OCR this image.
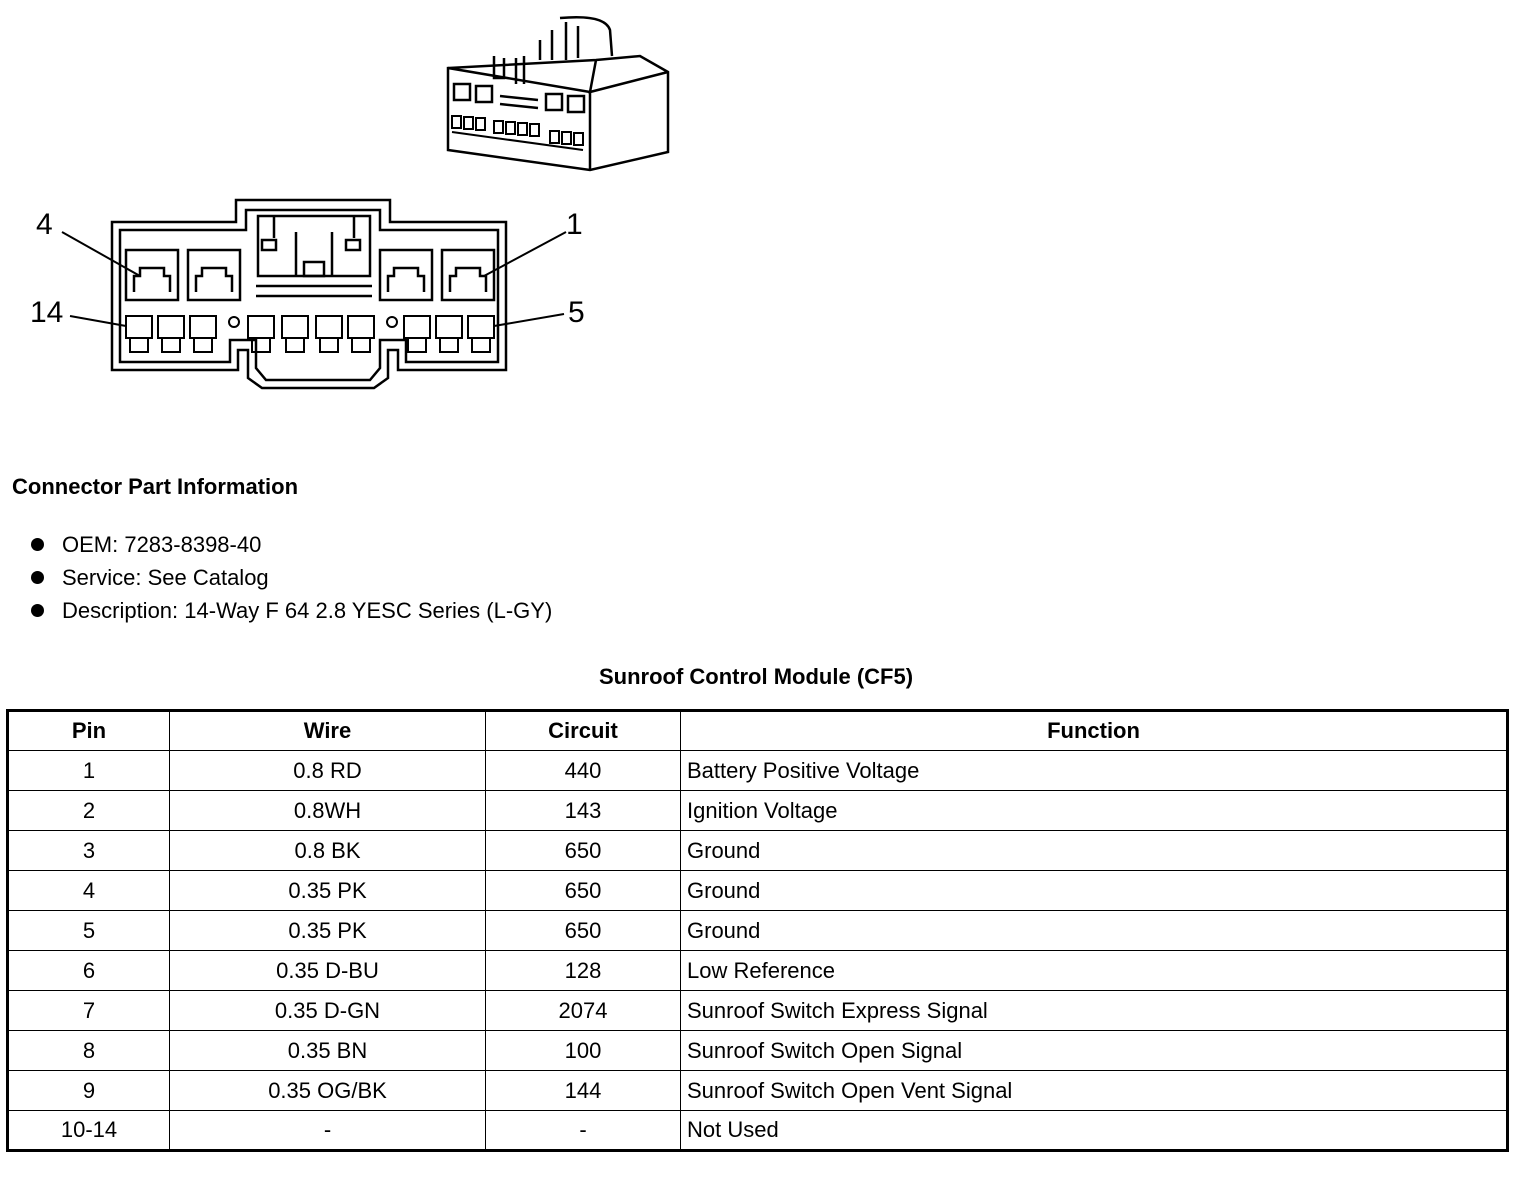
4	1
14	5
Connector Part Information
OEM: 7283-8398-40
Service: See Catalog
Description: 14-Way F 64 2.8 YESC Series (L-GY)
Sunroof Control Module (CF5)
Pin	Wire	Circuit	Function
1	0.8 RD	440	Battery Positive Voltage
2	0.8WH	143	Ignition Voltage
3	0.8 BK	650	Ground
4	0.35 PK	650	Ground
5	0.35 PK	650	Ground
6	0.35 D-BU	128	Low Reference
7	0.35 D-GN	2074	Sunroof Switch Express Signal
8	0.35 BN	100	Sunroof Switch Open Signal
9	0.35 OG/BK	144	Sunroof Switch Open Vent Signal
10-14	-	-	Not Used
